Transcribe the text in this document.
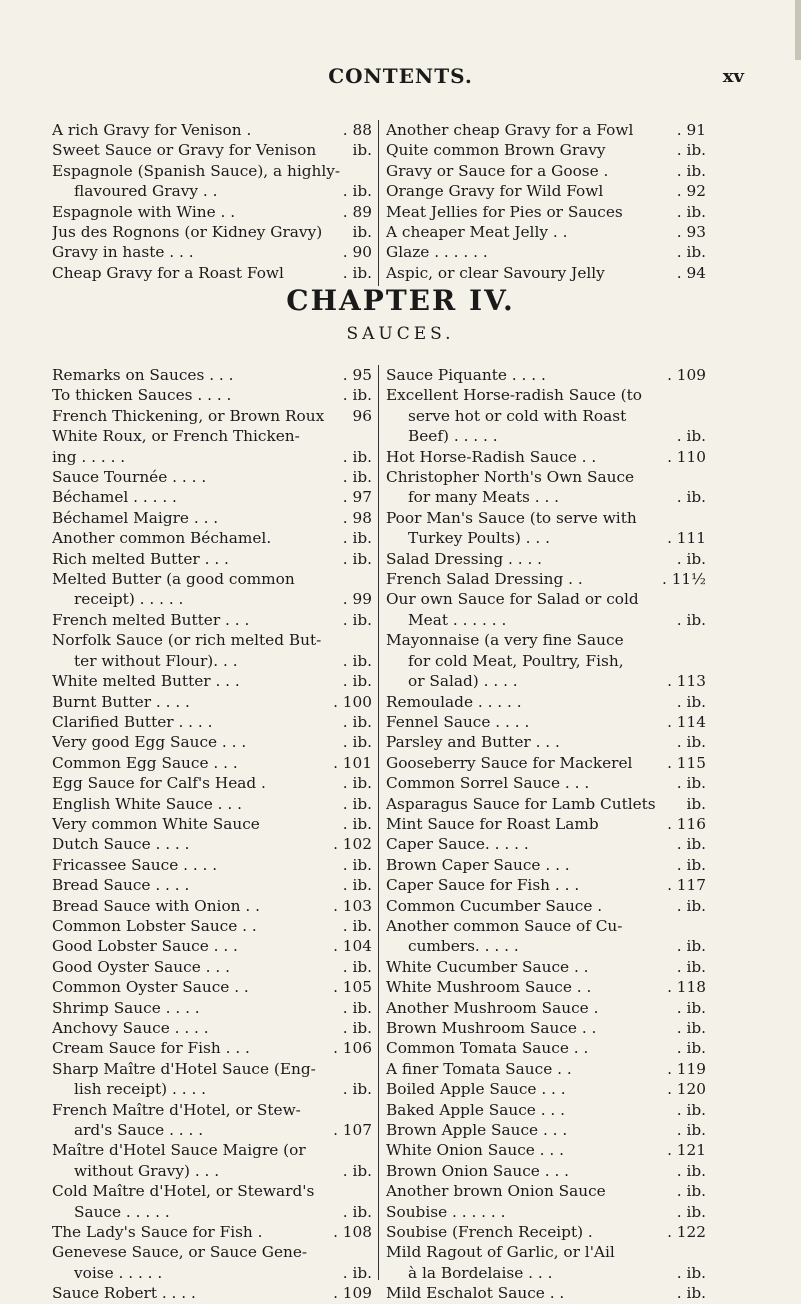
CONTENTS.	xv
A rich Gravy for Venison .	. 88
Sweet Sauce or Gravy for Venison	ib.
Espagnole (Spanish Sauce), a highly-
flavoured Gravy . .	. ib.
Espagnole with Wine . .	. 89
Jus des Rognons (or Kidney Gravy)	ib.
Gravy in haste . . .	. 90
Cheap Gravy for a Roast Fowl	. ib.
Another cheap Gravy for a Fowl	. 91
Quite common Brown Gravy	. ib.
Gravy or Sauce for a Goose .	. ib.
Orange Gravy for Wild Fowl	. 92
Meat Jellies for Pies or Sauces	. ib.
A cheaper Meat Jelly . .	. 93
Glaze . . . . . .	. ib.
Aspic, or clear Savoury Jelly	. 94
CHAPTER IV.
SAUCES.
Remarks on Sauces . . .	. 95
To thicken Sauces . . . .	. ib.
French Thickening, or Brown Roux	96
White Roux, or French Thicken-
ing . . . . .	. ib.
Sauce Tournée . . . .	. ib.
Béchamel . . . . .	. 97
Béchamel Maigre . . .	. 98
Another common Béchamel.	. ib.
Rich melted Butter . . .	. ib.
Melted Butter (a good common
receipt) . . . . .	. 99
French melted Butter . . .	. ib.
Norfolk Sauce (or rich melted But-
ter without Flour). . .	. ib.
White melted Butter . . .	. ib.
Burnt Butter . . . .	. 100
Clarified Butter . . . .	. ib.
Very good Egg Sauce . . .	. ib.
Common Egg Sauce . . .	. 101
Egg Sauce for Calf's Head .	. ib.
English White Sauce . . .	. ib.
Very common White Sauce	. ib.
Dutch Sauce . . . .	. 102
Fricassee Sauce . . . .	. ib.
Bread Sauce . . . .	. ib.
Bread Sauce with Onion . .	. 103
Common Lobster Sauce . .	. ib.
Good Lobster Sauce . . .	. 104
Good Oyster Sauce . . .	. ib.
Common Oyster Sauce . .	. 105
Shrimp Sauce . . . .	. ib.
Anchovy Sauce . . . .	. ib.
Cream Sauce for Fish . . .	. 106
Sharp Maître d'Hotel Sauce (Eng-
lish receipt) . . . .	. ib.
French Maître d'Hotel, or Stew-
ard's Sauce . . . .	. 107
Maître d'Hotel Sauce Maigre (or
without Gravy) . . .	. ib.
Cold Maître d'Hotel, or Steward's
Sauce . . . . .	. ib.
The Lady's Sauce for Fish .	. 108
Genevese Sauce, or Sauce Gene-
voise . . . . .	. ib.
Sauce Robert . . . .	. 109
Sauce Piquante . . . .	. 109
Excellent Horse-radish Sauce (to
serve hot or cold with Roast
Beef) . . . . .	. ib.
Hot Horse-Radish Sauce . .	. 110
Christopher North's Own Sauce
for many Meats . . .	. ib.
Poor Man's Sauce (to serve with
Turkey Poults) . . .	. 111
Salad Dressing . . . .	. ib.
French Salad Dressing . .	. 11½
Our own Sauce for Salad or cold
Meat . . . . . .	. ib.
Mayonnaise (a very fine Sauce
for cold Meat, Poultry, Fish,
or Salad) . . . .	. 113
Remoulade . . . . .	. ib.
Fennel Sauce . . . .	. 114
Parsley and Butter . . .	. ib.
Gooseberry Sauce for Mackerel	. 115
Common Sorrel Sauce . . .	. ib.
Asparagus Sauce for Lamb Cutlets	ib.
Mint Sauce for Roast Lamb	. 116
Caper Sauce. . . . .	. ib.
Brown Caper Sauce . . .	. ib.
Caper Sauce for Fish . . .	. 117
Common Cucumber Sauce .	. ib.
Another common Sauce of Cu-
cumbers. . . . .	. ib.
White Cucumber Sauce . .	. ib.
White Mushroom Sauce . .	. 118
Another Mushroom Sauce .	. ib.
Brown Mushroom Sauce . .	. ib.
Common Tomata Sauce . .	. ib.
A finer Tomata Sauce . .	. 119
Boiled Apple Sauce . . .	. 120
Baked Apple Sauce . . .	. ib.
Brown Apple Sauce . . .	. ib.
White Onion Sauce . . .	. 121
Brown Onion Sauce . . .	. ib.
Another brown Onion Sauce	. ib.
Soubise . . . . . .	. ib.
Soubise (French Receipt) .	. 122
Mild Ragout of Garlic, or l'Ail
à la Bordelaise . . .	. ib.
Mild Eschalot Sauce . .	. ib.
